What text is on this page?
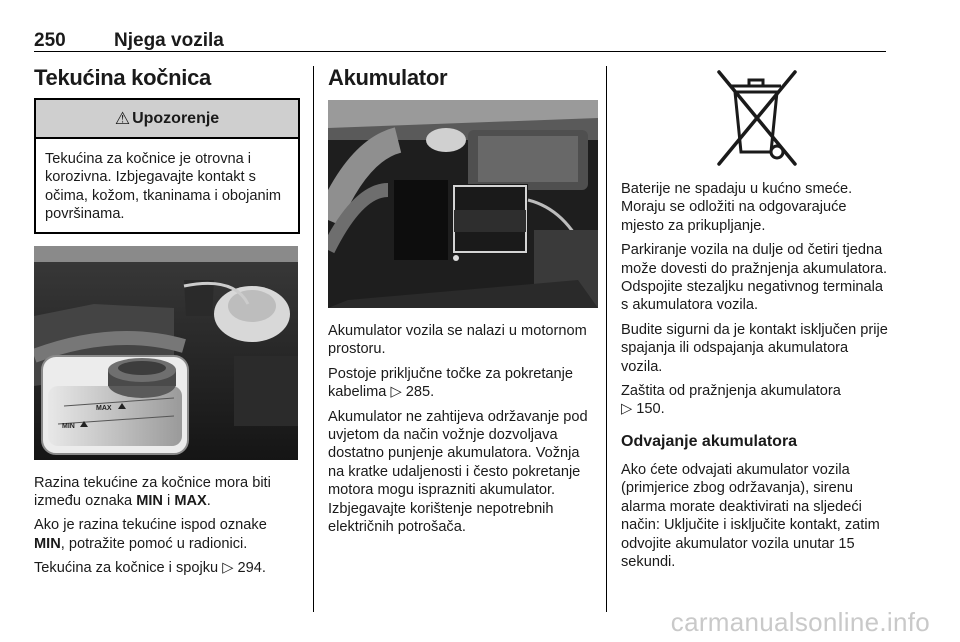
250	Njega vozila
Tekućina kočnica
⚠ Upozorenje

Tekućina za kočnice je otrovna i korozivna. Izbjegavajte kontakt s očima, kožom, tkaninama i obojanim površinama.

MAX
MIN

Razina tekućine za kočnice mora biti između oznaka MIN i MAX.

Ako je razina tekućine ispod oznake MIN, potražite pomoć u radionici.

Tekućina za kočnice i spojku ▷ 294.

Akumulator

Akumulator vozila se nalazi u motornom prostoru.

Postoje priključne točke za pokretanje kabelima ▷ 285.

Akumulator ne zahtijeva održavanje pod uvjetom da način vožnje dozvoljava dostatno punjenje akumulatora. Vožnja na kratke udaljenosti i često pokretanje motora mogu isprazniti akumulator. Izbjegavajte korištenje nepotrebnih električnih potrošača.

Baterije ne spadaju u kućno smeće. Moraju se odložiti na odgovarajuće mjesto za prikupljanje.

Parkiranje vozila na dulje od četiri tjedna može dovesti do pražnjenja akumulatora. Odspojite stezaljku negativnog terminala s akumulatora vozila.

Budite sigurni da je kontakt isključen prije spajanja ili odspajanja akumulatora vozila.

Zaštita od pražnjenja akumulatora
▷ 150.

Odvajanje akumulatora

Ako ćete odvajati akumulator vozila (primjerice zbog održavanja), sirenu alarma morate deaktivirati na sljedeći način: Uključite i isključite kontakt, zatim odvojite akumulator vozila unutar 15 sekundi.

carmanualsonline.info
